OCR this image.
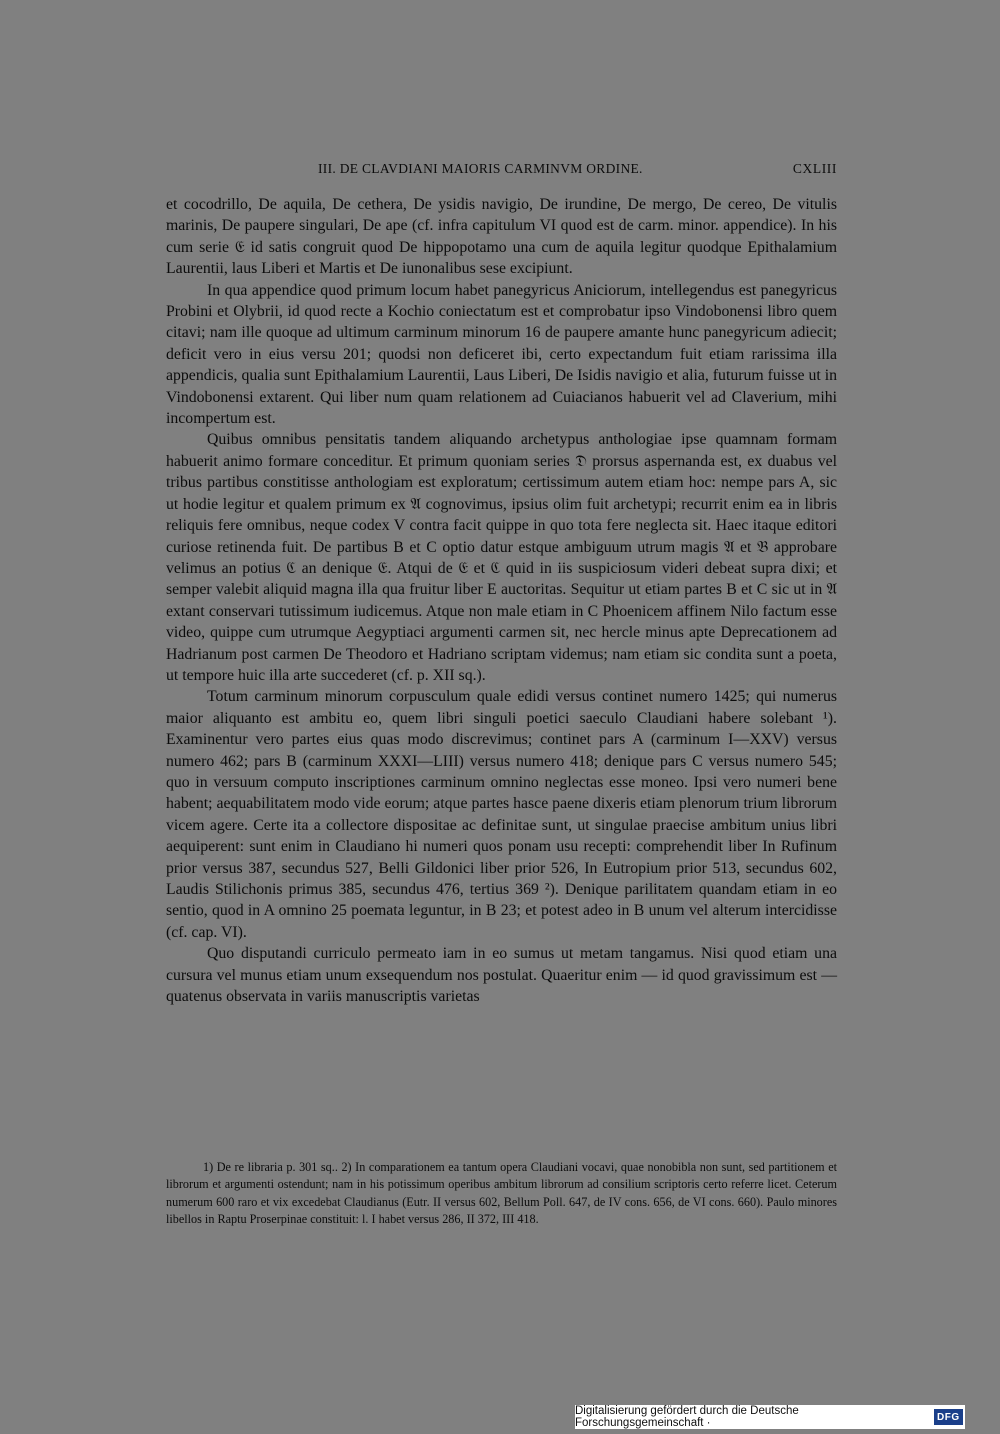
III. DE CLAVDIANI MAIORIS CARMINVM ORDINE.	CXLIII

et cocodrillo, De aquila, De cethera, De ysidis navigio, De irundine, De mergo, De cereo, De vitulis marinis, De paupere singulari, De ape (cf. infra capitulum VI quod est de carm. minor. appendice). In his cum serie 𝔈 id satis congruit quod De hippopotamo una cum de aquila legitur quodque Epithalamium Laurentii, laus Liberi et Martis et De iunonalibus sese excipiunt.

In qua appendice quod primum locum habet panegyricus Aniciorum, intellegendus est panegyricus Probini et Olybrii, id quod recte a Kochio coniectatum est et comprobatur ipso Vindobonensi libro quem citavi; nam ille quoque ad ultimum carminum minorum 16 de paupere amante hunc panegyricum adiecit; deficit vero in eius versu 201; quodsi non deficeret ibi, certo expectandum fuit etiam rarissima illa appendicis, qualia sunt Epithalamium Laurentii, Laus Liberi, De Isidis navigio et alia, futurum fuisse ut in Vindobonensi extarent. Qui liber num quam relationem ad Cuiacianos habuerit vel ad Claverium, mihi incompertum est.

Quibus omnibus pensitatis tandem aliquando archetypus anthologiae ipse quamnam formam habuerit animo formare conceditur. Et primum quoniam series 𝔇 prorsus aspernanda est, ex duabus vel tribus partibus constitisse anthologiam est exploratum; certissimum autem etiam hoc: nempe pars A, sic ut hodie legitur et qualem primum ex 𝔄 cognovimus, ipsius olim fuit archetypi; recurrit enim ea in libris reliquis fere omnibus, neque codex V contra facit quippe in quo tota fere neglecta sit. Haec itaque editori curiose retinenda fuit. De partibus B et C optio datur estque ambiguum utrum magis 𝔄 et 𝔅 approbare velimus an potius ℭ an denique 𝔈. Atqui de 𝔈 et ℭ quid in iis suspiciosum videri debeat supra dixi; et semper valebit aliquid magna illa qua fruitur liber E auctoritas. Sequitur ut etiam partes B et C sic ut in 𝔄 extant conservari tutissimum iudicemus. Atque non male etiam in C Phoenicem affinem Nilo factum esse video, quippe cum utrumque Aegyptiaci argumenti carmen sit, nec hercle minus apte Deprecationem ad Hadrianum post carmen De Theodoro et Hadriano scriptam videmus; nam etiam sic condita sunt a poeta, ut tempore huic illa arte succederet (cf. p. XII sq.).

Totum carminum minorum corpusculum quale edidi versus continet numero 1425; qui numerus maior aliquanto est ambitu eo, quem libri singuli poetici saeculo Claudiani habere solebant ¹). Examinentur vero partes eius quas modo discrevimus; continet pars A (carminum I—XXV) versus numero 462; pars B (carminum XXXI—LIII) versus numero 418; denique pars C versus numero 545; quo in versuum computo inscriptiones carminum omnino neglectas esse moneo. Ipsi vero numeri bene habent; aequabilitatem modo vide eorum; atque partes hasce paene dixeris etiam plenorum trium librorum vicem agere. Certe ita a collectore dispositae ac definitae sunt, ut singulae praecise ambitum unius libri aequiperent: sunt enim in Claudiano hi numeri quos ponam usu recepti: comprehendit liber In Rufinum prior versus 387, secundus 527, Belli Gildonici liber prior 526, In Eutropium prior 513, secundus 602, Laudis Stilichonis primus 385, secundus 476, tertius 369 ²). Denique parilitatem quandam etiam in eo sentio, quod in A omnino 25 poemata leguntur, in B 23; et potest adeo in B unum vel alterum intercidisse (cf. cap. VI).

Quo disputandi curriculo permeato iam in eo sumus ut metam tangamus. Nisi quod etiam una cursura vel munus etiam unum exsequendum nos postulat. Quaeritur enim — id quod gravissimum est — quatenus observata in variis manuscriptis varietas

1) De re libraria p. 301 sq.. 2) In comparationem ea tantum opera Claudiani vocavi, quae nonobibla non sunt, sed partitionem et librorum et argumenti ostendunt; nam in his potissimum operibus ambitum librorum ad consilium scriptoris certo referre licet. Ceterum numerum 600 raro et vix excedebat Claudianus (Eutr. II versus 602, Bellum Poll. 647, de IV cons. 656, de VI cons. 660). Paulo minores libellos in Raptu Proserpinae constituit: l. I habet versus 286, II 372, III 418.

Digitalisierung gefördert durch die Deutsche Forschungsgemeinschaft ·	DFG
